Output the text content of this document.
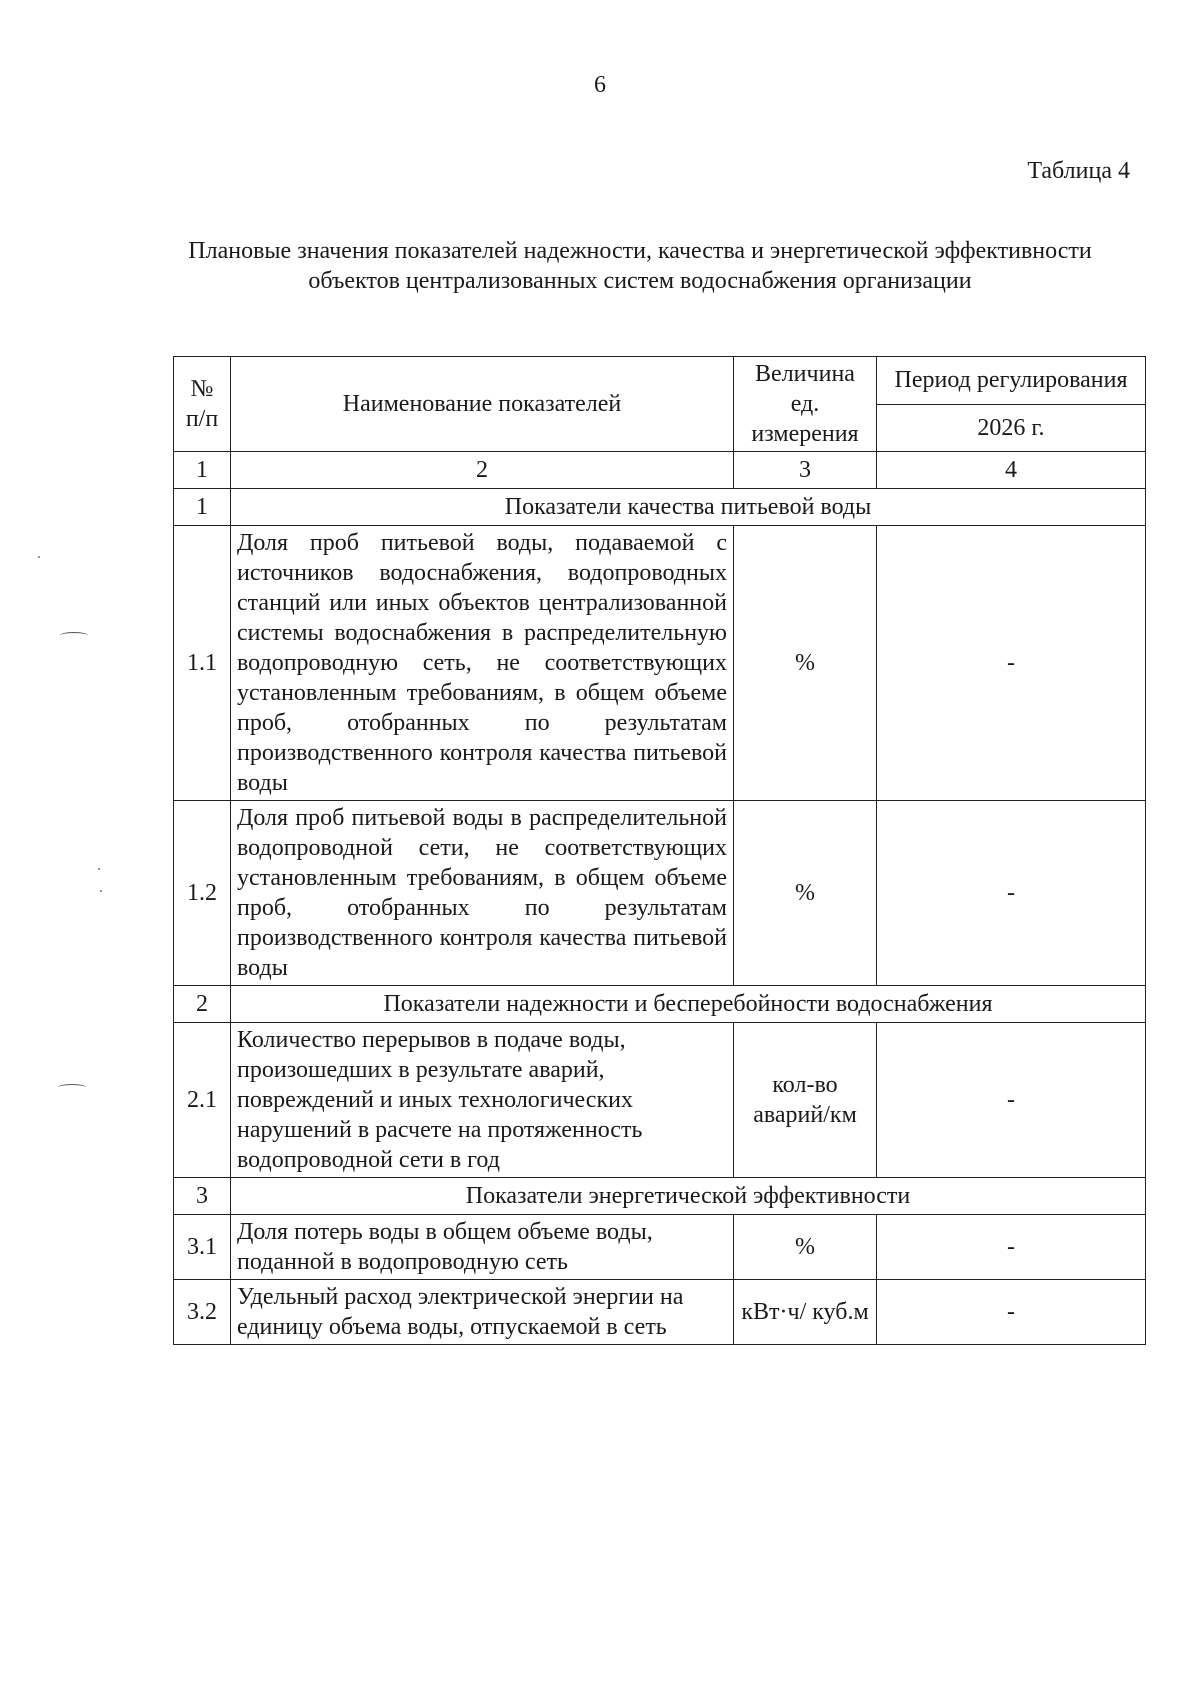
6
Таблица 4
Плановые значения показателей надежности, качества и энергетической эффективности объектов централизованных систем водоснабжения организации
№ п/п	Наименование показателей	Величина ед. измерения	Период регулирования
			2026 г.
1	2	3	4
1	Показатели качества питьевой воды		
1.1	Доля проб питьевой воды, подаваемой с источников водоснабжения, водопроводных станций или иных объектов централизованной системы водоснабжения в распределительную водопроводную сеть, не соответствующих установленным требованиям, в общем объеме проб, отобранных по результатам производственного контроля качества питьевой воды	%	-
1.2	Доля проб питьевой воды в распределительной водопроводной сети, не соответствующих установленным требованиям, в общем объеме проб, отобранных по результатам производственного контроля качества питьевой воды	%	-
2	Показатели надежности и бесперебойности водоснабжения		
2.1	Количество перерывов в подаче воды, произошедших в результате аварий, повреждений и иных технологических нарушений в расчете на протяженность водопроводной сети в год	кол-во аварий/км	-
3	Показатели энергетической эффективности		
3.1	Доля потерь воды в общем объеме воды, поданной в водопроводную сеть	%	-
3.2	Удельный расход электрической энергии на единицу объема воды, отпускаемой в сеть	кВт·ч/ куб.м	-
